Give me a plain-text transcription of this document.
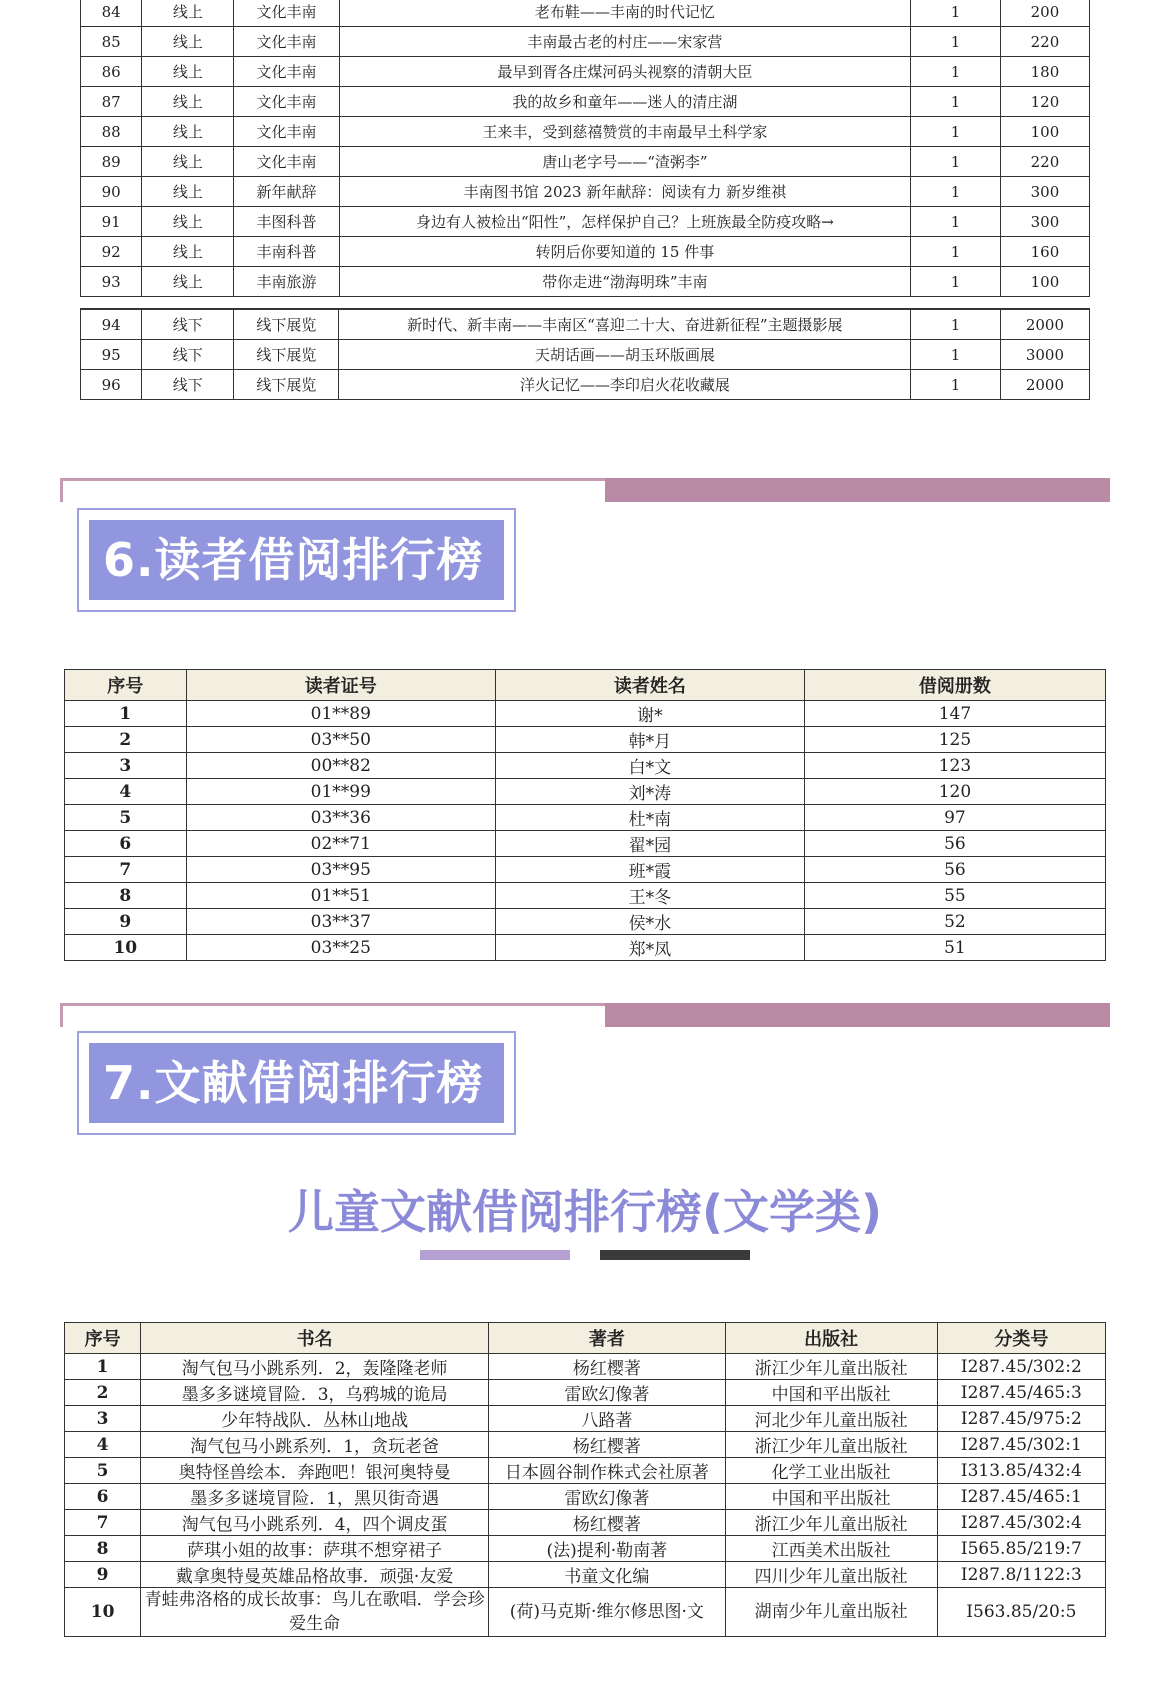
84	线上	文化丰南	老布鞋——丰南的时代记忆	1	200
85	线上	文化丰南	丰南最古老的村庄——宋家营	1	220
86	线上	文化丰南	最早到胥各庄煤河码头视察的清朝大臣	1	180
87	线上	文化丰南	我的故乡和童年——迷人的清庄湖	1	120
88	线上	文化丰南	王来丰，受到慈禧赞赏的丰南最早土科学家	1	100
89	线上	文化丰南	唐山老字号——“渣粥李”	1	220
90	线上	新年献辞	丰南图书馆 2023 新年献辞：阅读有力 新岁维祺	1	300
91	线上	丰图科普	身边有人被检出“阳性”，怎样保护自己？上班族最全防疫攻略→	1	300
92	线上	丰南科普	转阴后你要知道的 15 件事	1	160
93	线上	丰南旅游	带你走进“渤海明珠”丰南	1	100
94	线下	线下展览	新时代、新丰南——丰南区“喜迎二十大、奋进新征程”主题摄影展	1	2000
95	线下	线下展览	天胡话画——胡玉环版画展	1	3000
96	线下	线下展览	洋火记忆——李印启火花收藏展	1	2000
6.读者借阅排行榜
序号	读者证号	读者姓名	借阅册数
1	01**89	谢*	147
2	03**50	韩*月	125
3	00**82	白*文	123
4	01**99	刘*涛	120
5	03**36	杜*南	97
6	02**71	翟*园	56
7	03**95	班*霞	56
8	01**51	王*冬	55
9	03**37	侯*水	52
10	03**25	郑*凤	51
7.文献借阅排行榜
儿童文献借阅排行榜(文学类)
序号	书名	著者	出版社	分类号
1	淘气包马小跳系列．2，轰隆隆老师	杨红樱著	浙江少年儿童出版社	I287.45/302:2
2	墨多多谜境冒险．3，乌鸦城的诡局	雷欧幻像著	中国和平出版社	I287.45/465:3
3	少年特战队．丛林山地战	八路著	河北少年儿童出版社	I287.45/975:2
4	淘气包马小跳系列．1，贪玩老爸	杨红樱著	浙江少年儿童出版社	I287.45/302:1
5	奥特怪兽绘本．奔跑吧！银河奥特曼	日本圆谷制作株式会社原著	化学工业出版社	I313.85/432:4
6	墨多多谜境冒险．1，黑贝街奇遇	雷欧幻像著	中国和平出版社	I287.45/465:1
7	淘气包马小跳系列．4，四个调皮蛋	杨红樱著	浙江少年儿童出版社	I287.45/302:4
8	萨琪小姐的故事：萨琪不想穿裙子	(法)提利·勒南著	江西美术出版社	I565.85/219:7
9	戴拿奥特曼英雄品格故事．顽强·友爱	书童文化编	四川少年儿童出版社	I287.8/1122:3
10	青蛙弗洛格的成长故事：鸟儿在歌唱．学会珍爱生命	(荷)马克斯·维尔修思图·文	湖南少年儿童出版社	I563.85/20:5
